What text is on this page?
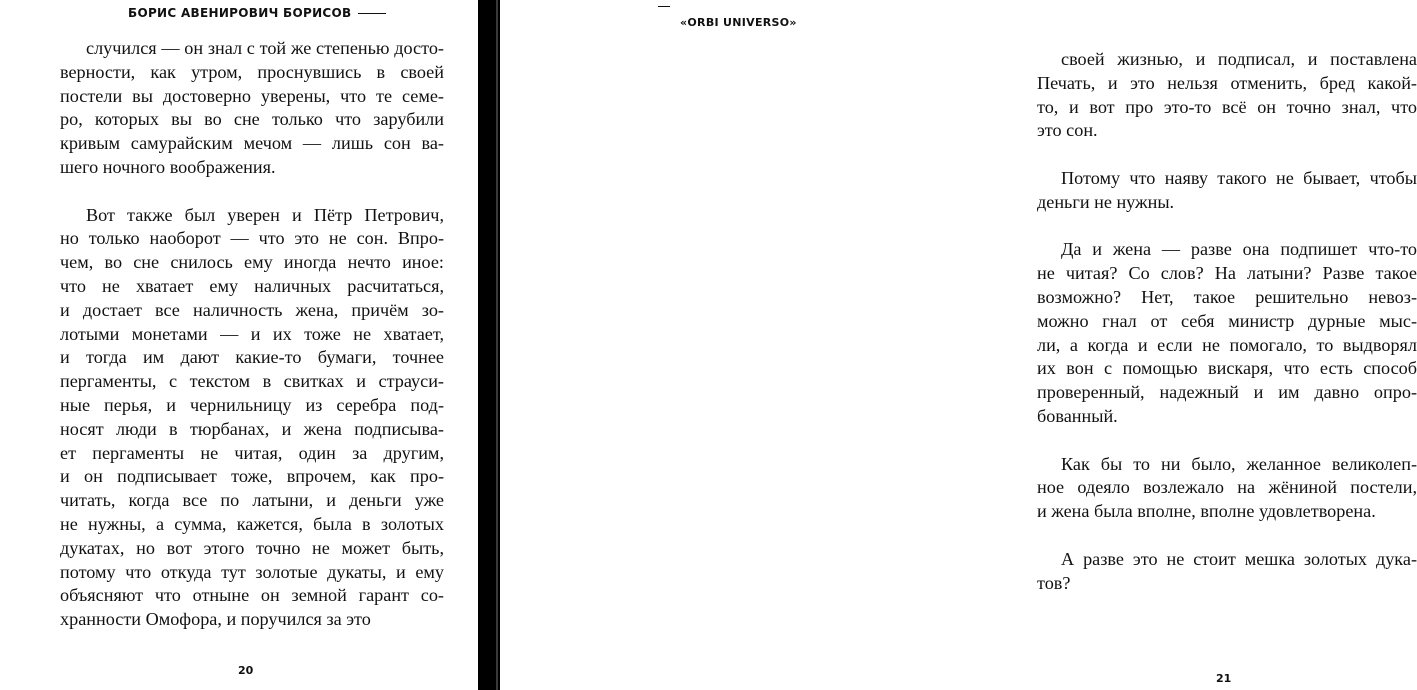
БОРИС АВЕНИРОВИЧ БОРИСОВ
случился — он знал с той же степенью досто-
верности, как утром, проснувшись в своей
постели вы достоверно уверены, что те семе-
ро, которых вы во сне только что зарубили
кривым самурайским мечом — лишь сон ва-
шего ночного воображения.
Вот также был уверен и Пётр Петрович,
но только наоборот — что это не сон. Впро-
чем, во сне снилось ему иногда нечто иное:
что не хватает ему наличных расчитаться,
и достает все наличность жена, причём зо-
лотыми монетами — и их тоже не хватает,
и тогда им дают какие-то бумаги, точнее
пергаменты, с текстом в свитках и страуси-
ные перья, и чернильницу из серебра под-
носят люди в тюрбанах, и жена подписыва-
ет пергаменты не читая, один за другим,
и он подписывает тоже, впрочем, как про-
читать, когда все по латыни, и деньги уже
не нужны, а сумма, кажется, была в золотых
дукатах, но вот этого точно не может быть,
потому что откуда тут золотые дукаты, и ему
объясняют что отныне он земной гарант со-
хранности Омофора, и поручился за это
20
«ORBI UNIVERSO»
своей жизнью, и подписал, и поставлена
Печать, и это нельзя отменить, бред какой-
то, и вот про это-то всё он точно знал, что
это сон.
Потому что наяву такого не бывает, чтобы
деньги не нужны.
Да и жена — разве она подпишет что-то
не читая? Со слов? На латыни? Разве такое
возможно? Нет, такое решительно невоз-
можно гнал от себя министр дурные мыс-
ли, а когда и если не помогало, то выдворял
их вон с помощью вискаря, что есть способ
проверенный, надежный и им давно опро-
бованный.
Как бы то ни было, желанное великолеп-
ное одеяло возлежало на жёниной постели,
и жена была вполне, вполне удовлетворена.
А разве это не стоит мешка золотых дука-
тов?
21
